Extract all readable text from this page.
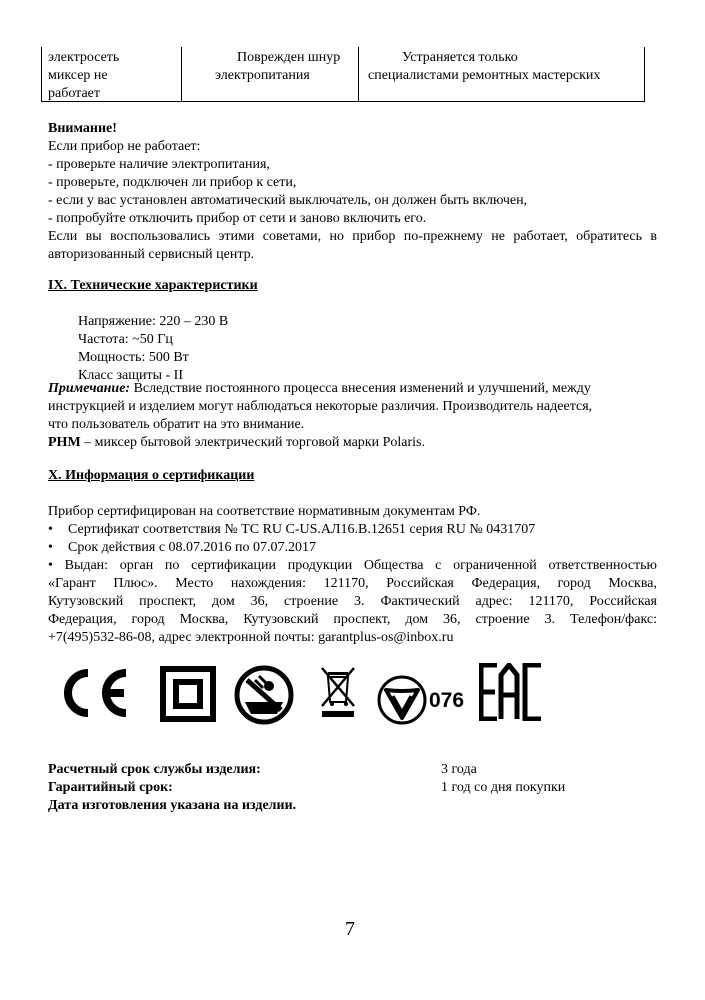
электросеть
миксер не
работает
Поврежден шнур
электропитания
Устраняется только
специалистами ремонтных мастерских
Внимание!
Если прибор не работает:
- проверьте наличие электропитания,
- проверьте, подключен ли прибор к сети,
- если у вас установлен автоматический выключатель, он должен быть включен,
- попробуйте отключить прибор от сети и заново включить его.
Если вы воспользовались этими советами, но прибор по-прежнему не работает, обратитесь в
авторизованный сервисный центр.
IX. Технические характеристики
Напряжение: 220 – 230 В
Частота: ~50 Гц
Мощность: 500 Вт
Класс защиты - II
Примечание: Вследствие постоянного процесса внесения изменений и улучшений, между
инструкцией и изделием могут наблюдаться некоторые различия. Производитель надеется,
что пользователь обратит на это внимание.
PHM – миксер бытовой электрический торговой марки Polaris.
X. Информация о сертификации
Прибор сертифицирован на соответствие нормативным документам РФ.
• Сертификат соответствия № ТС RU C-US.АЛ16.В.12651 серия RU № 0431707
• Срок действия с 08.07.2016 по 07.07.2017
• Выдан: орган по сертификации продукции Общества с ограниченной ответственностью
«Гарант Плюс». Место нахождения: 121170, Российская Федерация, город Москва,
Кутузовский проспект, дом 36, строение 3. Фактический адрес: 121170, Российская
Федерация, город Москва, Кутузовский проспект, дом 36, строение 3. Телефон/факс:
+7(495)532-86-08, адрес электронной почты: garantplus-os@inbox.ru
076
Расчетный срок службы изделия:	3 года
Гарантийный срок:	1 год со дня покупки
Дата изготовления указана на изделии.
7
